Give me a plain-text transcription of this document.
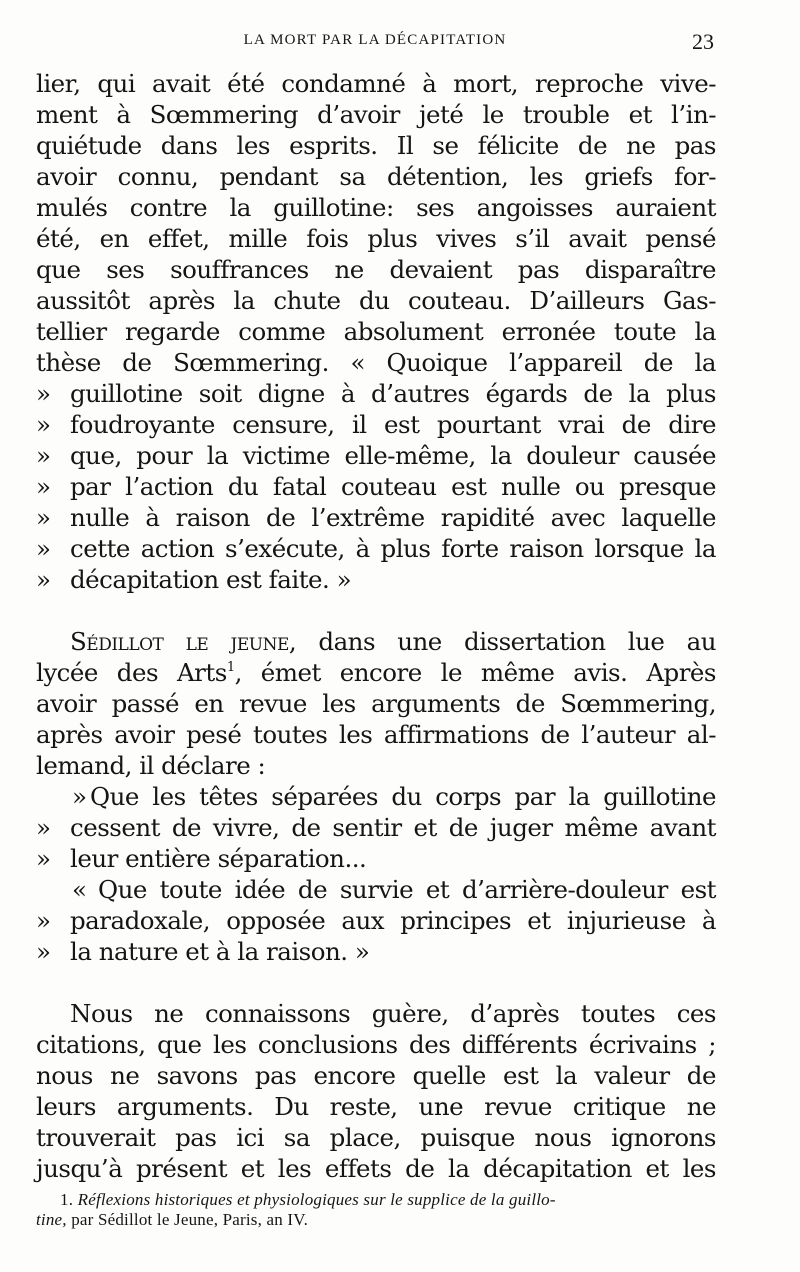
LA MORT PAR LA DÉCAPITATION	23
lier, qui avait été condamné à mort, reproche vive-
ment à Sœmmering d’avoir jeté le trouble et l’in-
quiétude dans les esprits. Il se félicite de ne pas
avoir connu, pendant sa détention, les griefs for-
mulés contre la guillotine: ses angoisses auraient
été, en effet, mille fois plus vives s’il avait pensé
que ses souffrances ne devaient pas disparaître
aussitôt après la chute du couteau. D’ailleurs Gas-
tellier regarde comme absolument erronée toute la
thèse de Sœmmering. « Quoique l’appareil de la
» guillotine soit digne à d’autres égards de la plus
» foudroyante censure, il est pourtant vrai de dire
» que, pour la victime elle-même, la douleur causée
» par l’action du fatal couteau est nulle ou presque
» nulle à raison de l’extrême rapidité avec laquelle
» cette action s’exécute, à plus forte raison lorsque la
» décapitation est faite. »
Sédillot le jeune, dans une dissertation lue au
lycée des Arts$^1$, émet encore le même avis. Après
avoir passé en revue les arguments de Sœmmering,
après avoir pesé toutes les affirmations de l’auteur al-
lemand, il déclare :
» Que les têtes séparées du corps par la guillotine
» cessent de vivre, de sentir et de juger même avant
» leur entière séparation...
« Que toute idée de survie et d’arrière-douleur est
» paradoxale, opposée aux principes et injurieuse à
» la nature et à la raison. »
Nous ne connaissons guère, d’après toutes ces
citations, que les conclusions des différents écrivains ;
nous ne savons pas encore quelle est la valeur de
leurs arguments. Du reste, une revue critique ne
trouverait pas ici sa place, puisque nous ignorons
jusqu’à présent et les effets de la décapitation et les
1. Réflexions historiques et physiologiques sur le supplice de la guillo-
tine, par Sédillot le Jeune, Paris, an IV.
